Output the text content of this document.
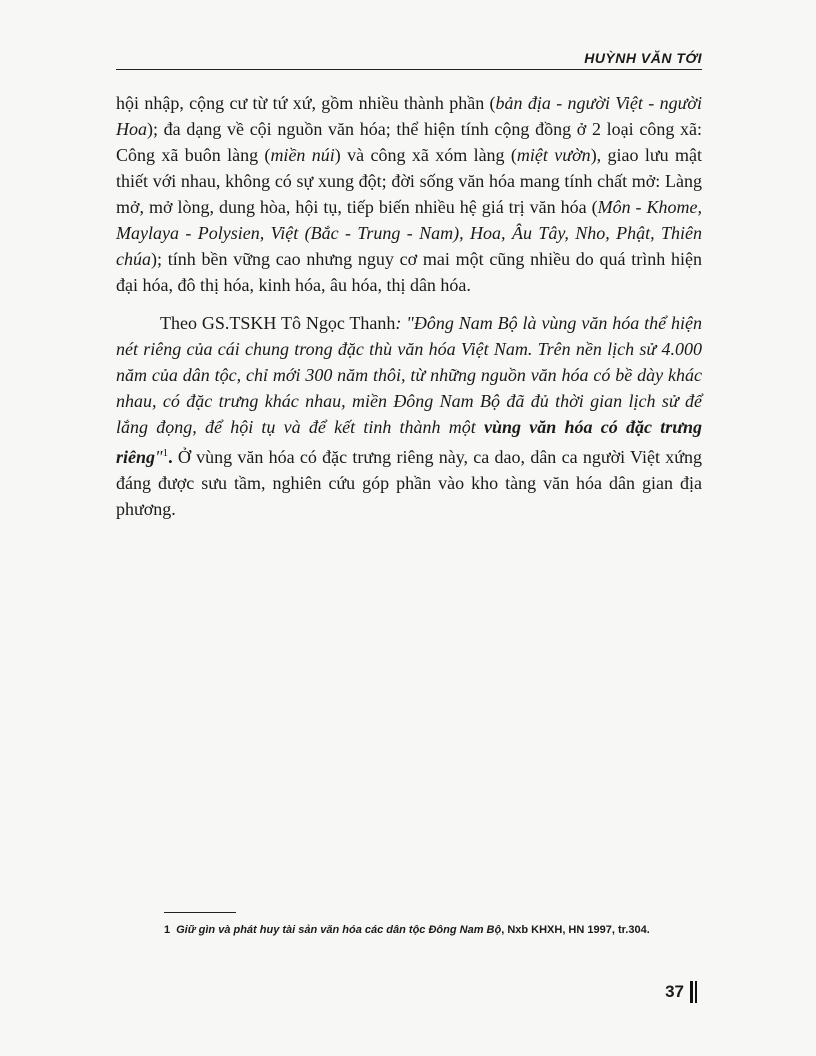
HUỲNH VĂN TỚI

hội nhập, cộng cư từ tứ xứ, gồm nhiều thành phần (bản địa - người Việt - người Hoa); đa dạng về cội nguồn văn hóa; thể hiện tính cộng đồng ở 2 loại công xã: Công xã buôn làng (miền núi) và công xã xóm làng (miệt vườn), giao lưu mật thiết với nhau, không có sự xung đột; đời sống văn hóa mang tính chất mở: Làng mở, mở lòng, dung hòa, hội tụ, tiếp biến nhiều hệ giá trị văn hóa (Môn - Khome, Maylaya - Polysien, Việt (Bắc - Trung - Nam), Hoa, Âu Tây, Nho, Phật, Thiên chúa); tính bền vững cao nhưng nguy cơ mai một cũng nhiều do quá trình hiện đại hóa, đô thị hóa, kinh hóa, âu hóa, thị dân hóa.

Theo GS.TSKH Tô Ngọc Thanh: "Đông Nam Bộ là vùng văn hóa thể hiện nét riêng của cái chung trong đặc thù văn hóa Việt Nam. Trên nền lịch sử 4.000 năm của dân tộc, chỉ mới 300 năm thôi, từ những nguồn văn hóa có bề dày khác nhau, có đặc trưng khác nhau, miền Đông Nam Bộ đã đủ thời gian lịch sử để lắng đọng, để hội tụ và để kết tinh thành một vùng văn hóa có đặc trưng riêng"$^1$. Ở vùng văn hóa có đặc trưng riêng này, ca dao, dân ca người Việt xứng đáng được sưu tầm, nghiên cứu góp phần vào kho tàng văn hóa dân gian địa phương.

1 Giữ gìn và phát huy tài sản văn hóa các dân tộc Đông Nam Bộ, Nxb KHXH, HN 1997, tr.304.
37
